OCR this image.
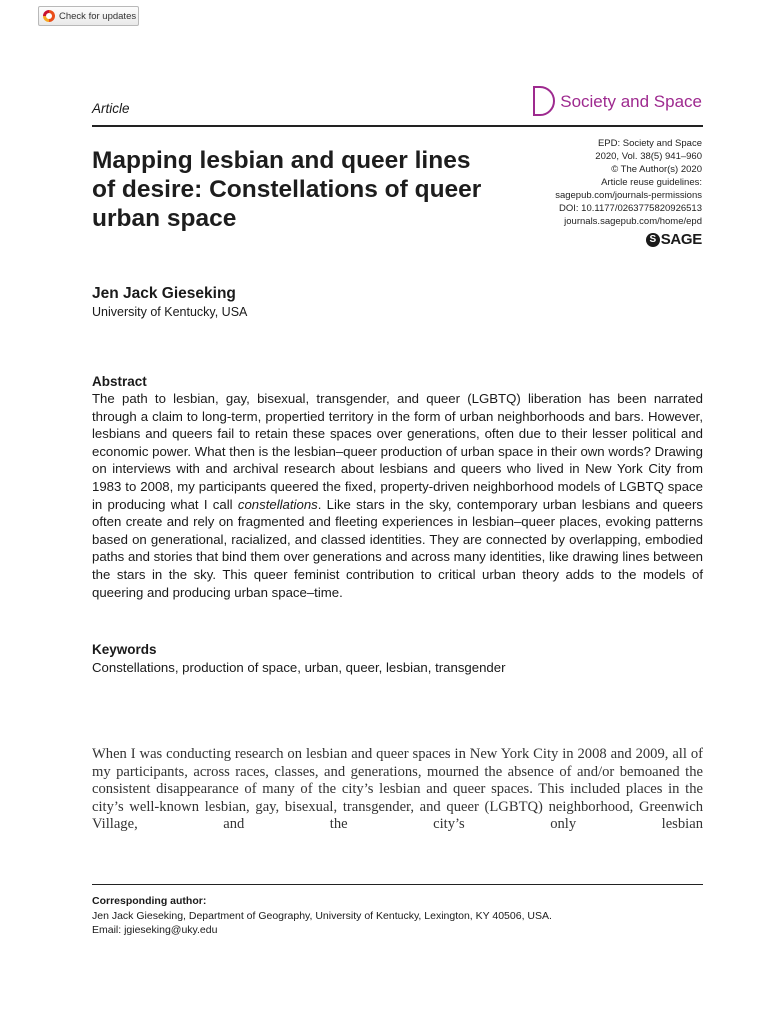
Check for updates
Article	Society and Space
Mapping lesbian and queer lines of desire: Constellations of queer urban space
EPD: Society and Space
2020, Vol. 38(5) 941–960
© The Author(s) 2020
Article reuse guidelines:
sagepub.com/journals-permissions
DOI: 10.1177/0263775820926513
journals.sagepub.com/home/epd
S SAGE
Jen Jack Gieseking
University of Kentucky, USA
Abstract

The path to lesbian, gay, bisexual, transgender, and queer (LGBTQ) liberation has been narrated through a claim to long-term, propertied territory in the form of urban neighborhoods and bars. However, lesbians and queers fail to retain these spaces over generations, often due to their lesser political and economic power. What then is the lesbian–queer production of urban space in their own words? Drawing on interviews with and archival research about lesbians and queers who lived in New York City from 1983 to 2008, my participants queered the fixed, property-driven neighborhood models of LGBTQ space in producing what I call constellations. Like stars in the sky, contemporary urban lesbians and queers often create and rely on fragmented and fleeting experiences in lesbian–queer places, evoking patterns based on generational, racialized, and classed identities. They are connected by overlapping, embodied paths and stories that bind them over generations and across many identities, like drawing lines between the stars in the sky. This queer feminist contribution to critical urban theory adds to the models of queering and producing urban space–time.

Keywords
Constellations, production of space, urban, queer, lesbian, transgender

When I was conducting research on lesbian and queer spaces in New York City in 2008 and 2009, all of my participants, across races, classes, and generations, mourned the absence of and/or bemoaned the consistent disappearance of many of the city’s lesbian and queer spaces. This included places in the city’s well-known lesbian, gay, bisexual, transgender, and queer (LGBTQ) neighborhood, Greenwich Village, and the city’s only lesbian

Corresponding author:
Jen Jack Gieseking, Department of Geography, University of Kentucky, Lexington, KY 40506, USA.
Email: jgieseking@uky.edu
